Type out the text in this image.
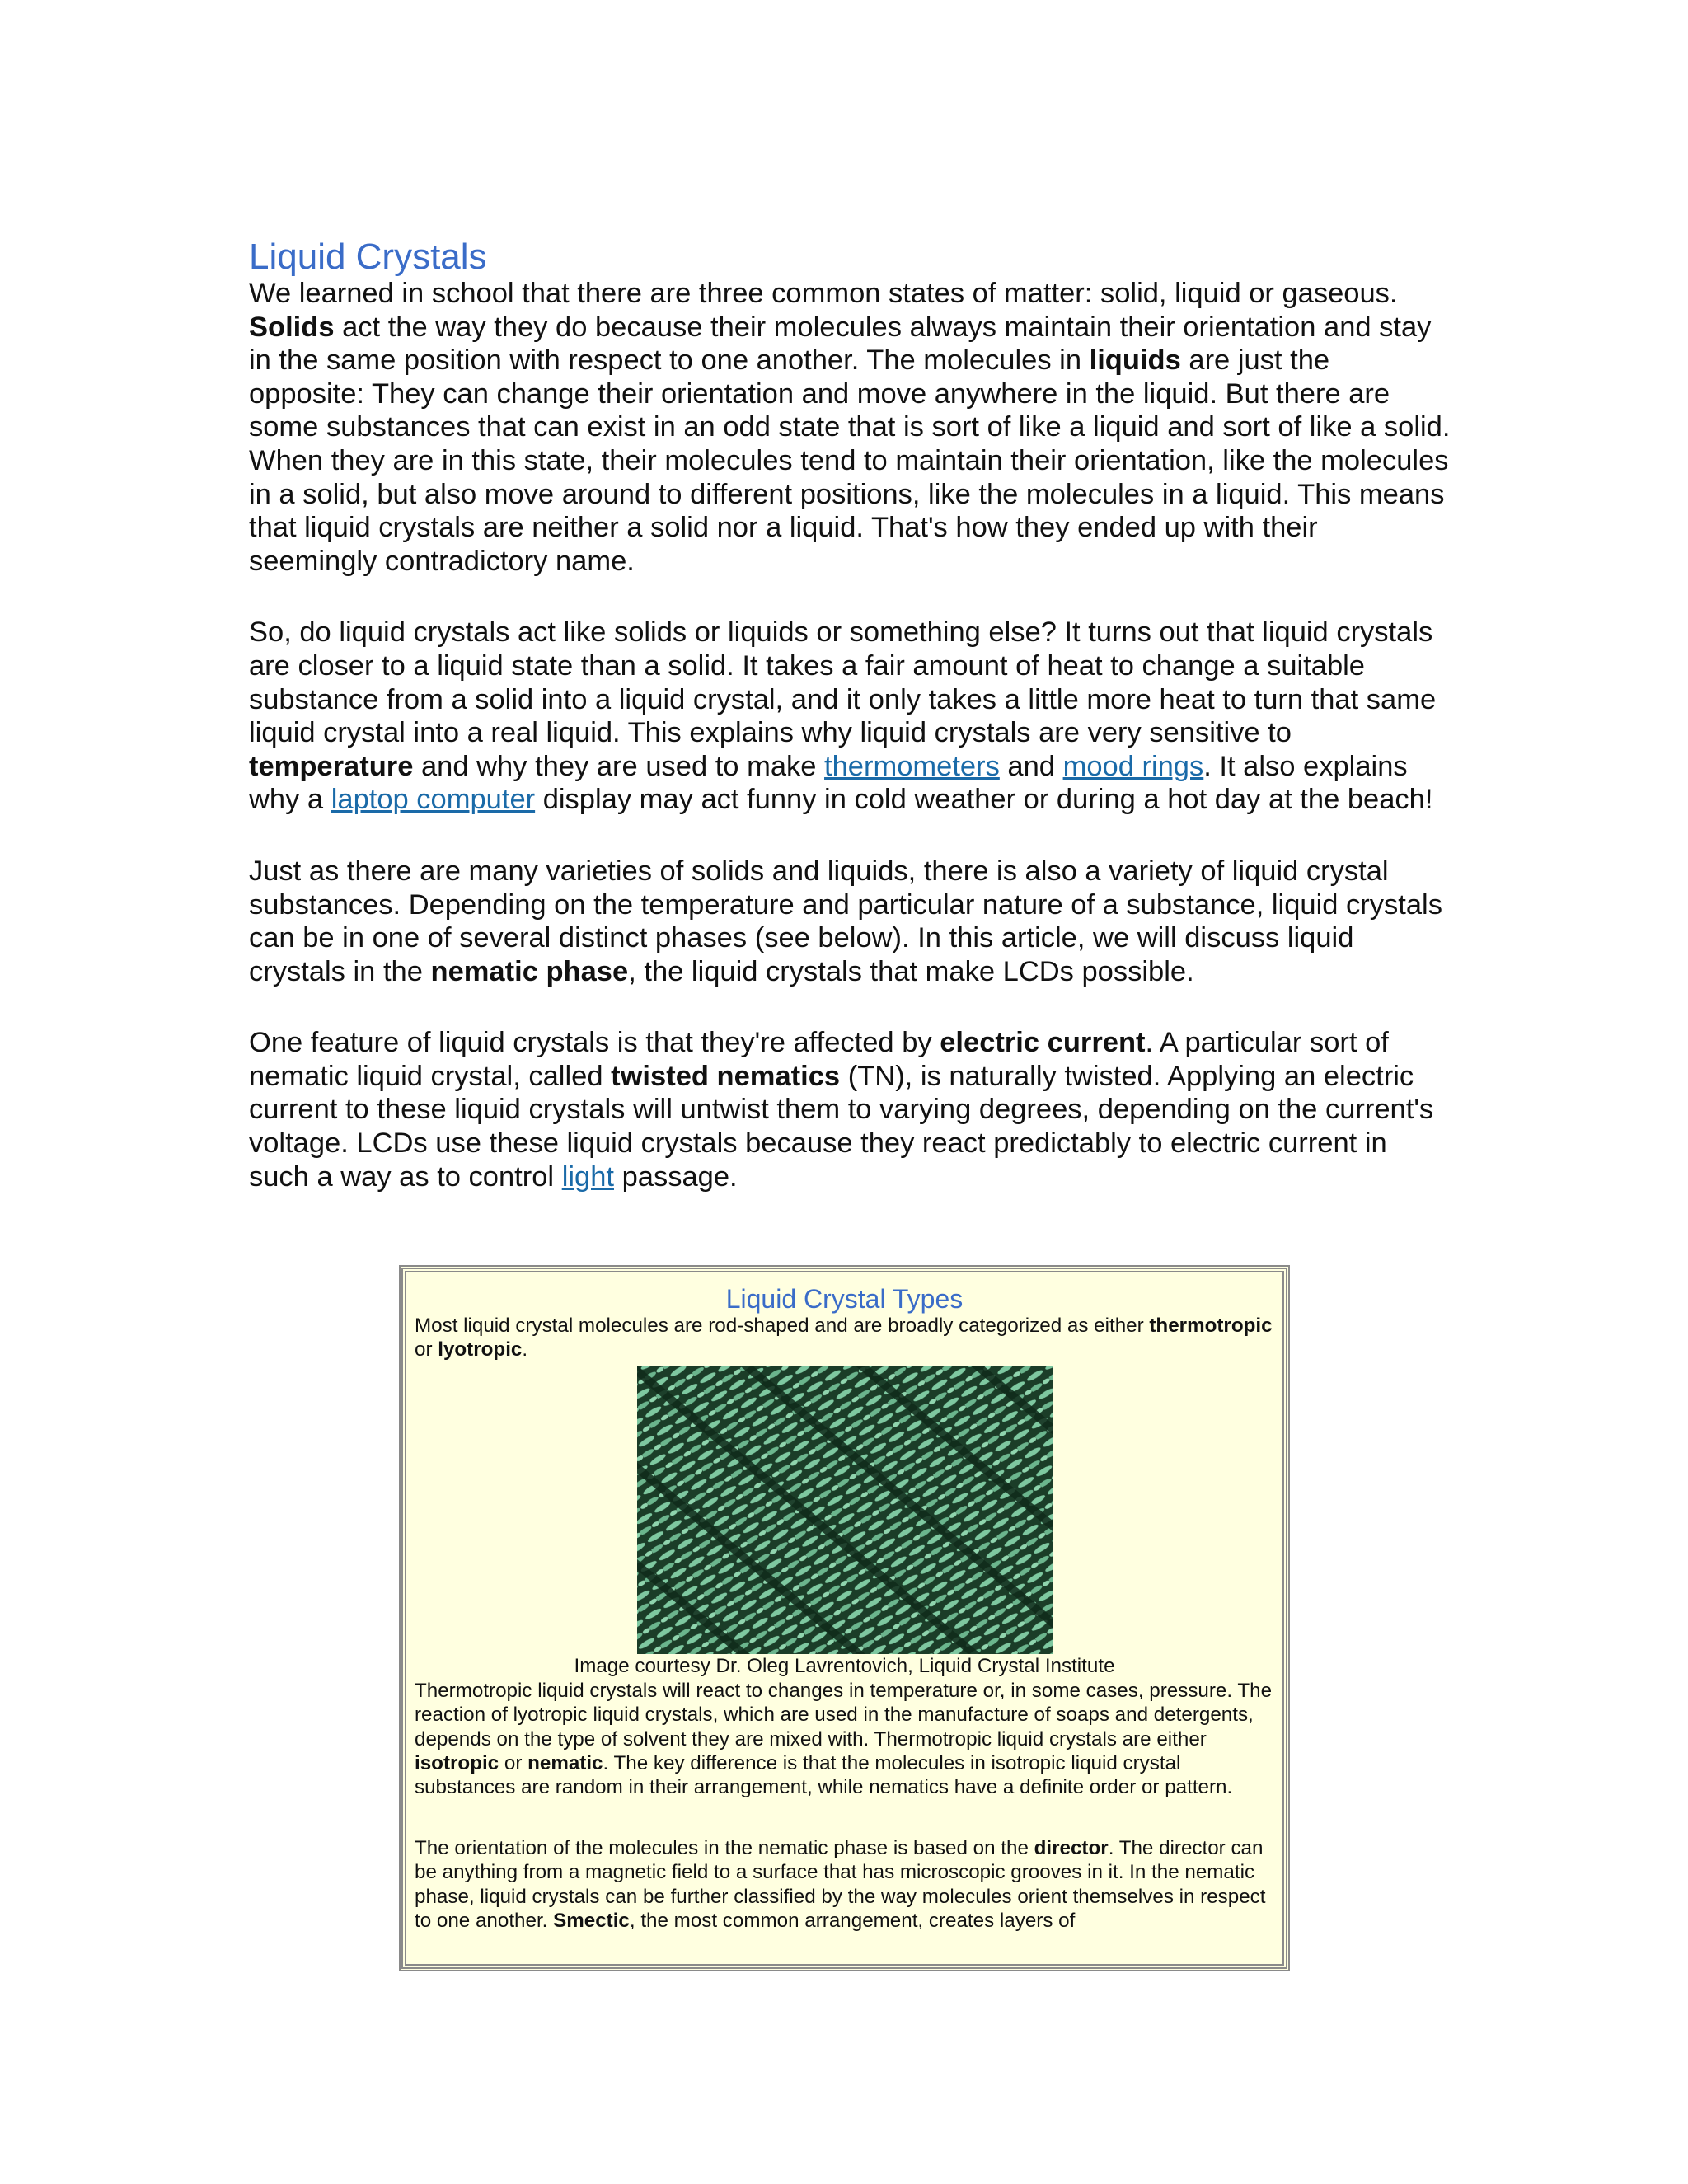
Liquid Crystals

We learned in school that there are three common states of matter: solid, liquid or gaseous. Solids act the way they do because their molecules always maintain their orientation and stay in the same position with respect to one another. The molecules in liquids are just the opposite: They can change their orientation and move anywhere in the liquid. But there are some substances that can exist in an odd state that is sort of like a liquid and sort of like a solid. When they are in this state, their molecules tend to maintain their orientation, like the molecules in a solid, but also move around to different positions, like the molecules in a liquid. This means that liquid crystals are neither a solid nor a liquid. That's how they ended up with their seemingly contradictory name.

So, do liquid crystals act like solids or liquids or something else? It turns out that liquid crystals are closer to a liquid state than a solid. It takes a fair amount of heat to change a suitable substance from a solid into a liquid crystal, and it only takes a little more heat to turn that same liquid crystal into a real liquid. This explains why liquid crystals are very sensitive to temperature and why they are used to make thermometers and mood rings. It also explains why a laptop computer display may act funny in cold weather or during a hot day at the beach!

Just as there are many varieties of solids and liquids, there is also a variety of liquid crystal substances. Depending on the temperature and particular nature of a substance, liquid crystals can be in one of several distinct phases (see below). In this article, we will discuss liquid crystals in the nematic phase, the liquid crystals that make LCDs possible.

One feature of liquid crystals is that they're affected by electric current. A particular sort of nematic liquid crystal, called twisted nematics (TN), is naturally twisted. Applying an electric current to these liquid crystals will untwist them to varying degrees, depending on the current's voltage. LCDs use these liquid crystals because they react predictably to electric current in such a way as to control light passage.

Liquid Crystal Types

Most liquid crystal molecules are rod-shaped and are broadly categorized as either thermotropic or lyotropic.

Image courtesy Dr. Oleg Lavrentovich, Liquid Crystal Institute

Thermotropic liquid crystals will react to changes in temperature or, in some cases, pressure. The reaction of lyotropic liquid crystals, which are used in the manufacture of soaps and detergents, depends on the type of solvent they are mixed with. Thermotropic liquid crystals are either isotropic or nematic. The key difference is that the molecules in isotropic liquid crystal substances are random in their arrangement, while nematics have a definite order or pattern.

The orientation of the molecules in the nematic phase is based on the director. The director can be anything from a magnetic field to a surface that has microscopic grooves in it. In the nematic phase, liquid crystals can be further classified by the way molecules orient themselves in respect to one another. Smectic, the most common arrangement, creates layers of
